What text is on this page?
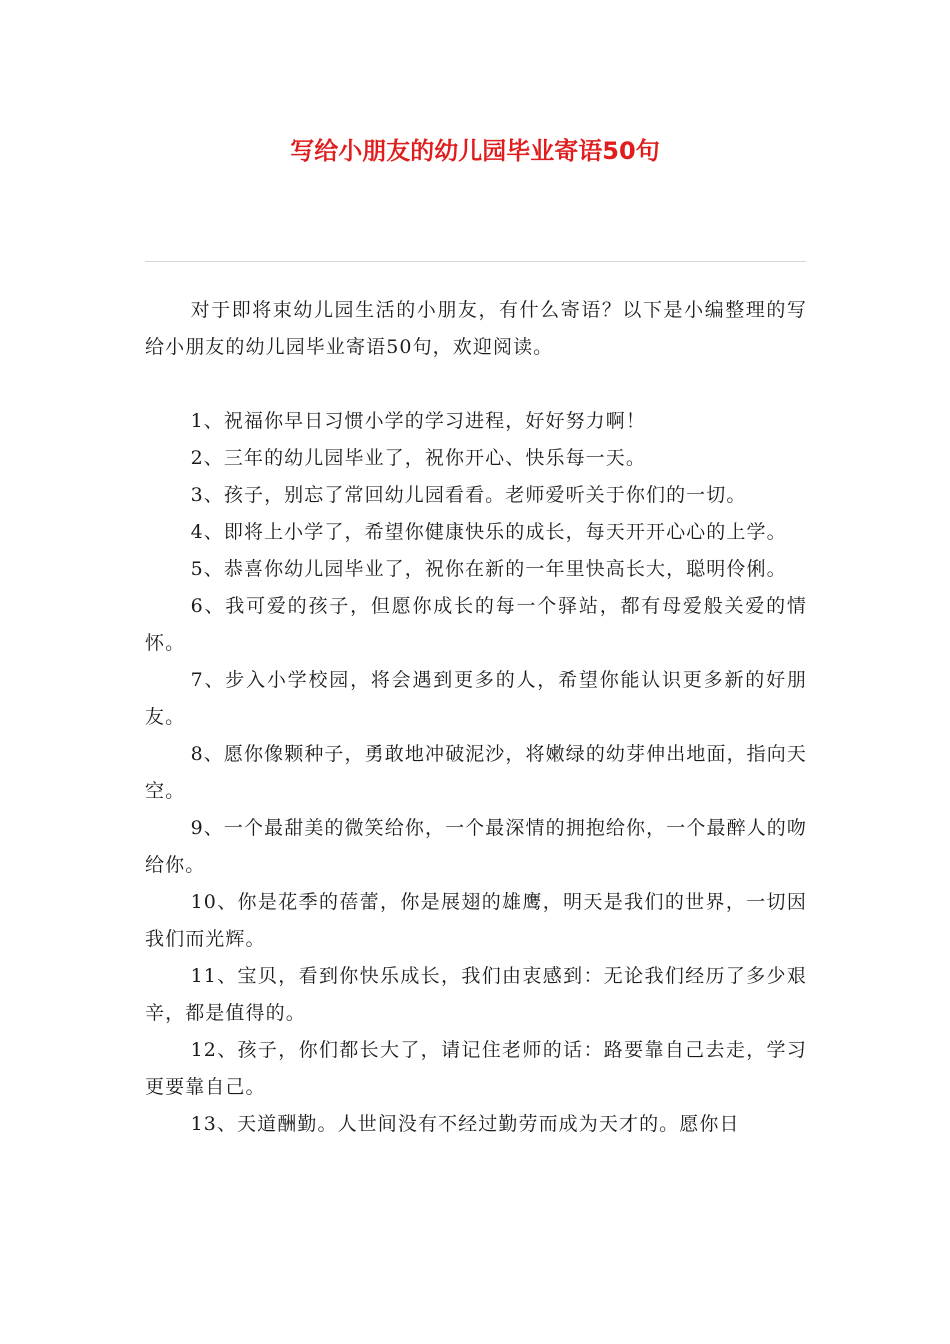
写给小朋友的幼儿园毕业寄语50句

对于即将束幼儿园生活的小朋友，有什么寄语？以下是小编整理的写给小朋友的幼儿园毕业寄语50句，欢迎阅读。

1、祝福你早日习惯小学的学习进程，好好努力啊！

2、三年的幼儿园毕业了，祝你开心、快乐每一天。

3、孩子，别忘了常回幼儿园看看。老师爱听关于你们的一切。

4、即将上小学了，希望你健康快乐的成长，每天开开心心的上学。

5、恭喜你幼儿园毕业了，祝你在新的一年里快高长大，聪明伶俐。

6、我可爱的孩子，但愿你成长的每一个驿站，都有母爱般关爱的情怀。

7、步入小学校园，将会遇到更多的人，希望你能认识更多新的好朋友。

8、愿你像颗种子，勇敢地冲破泥沙，将嫩绿的幼芽伸出地面，指向天空。

9、一个最甜美的微笑给你，一个最深情的拥抱给你，一个最醉人的吻给你。

10、你是花季的蓓蕾，你是展翅的雄鹰，明天是我们的世界，一切因我们而光辉。

11、宝贝，看到你快乐成长，我们由衷感到：无论我们经历了多少艰辛，都是值得的。

12、孩子，你们都长大了，请记住老师的话：路要靠自己去走，学习更要靠自己。

13、天道酬勤。人世间没有不经过勤劳而成为天才的。愿你日
